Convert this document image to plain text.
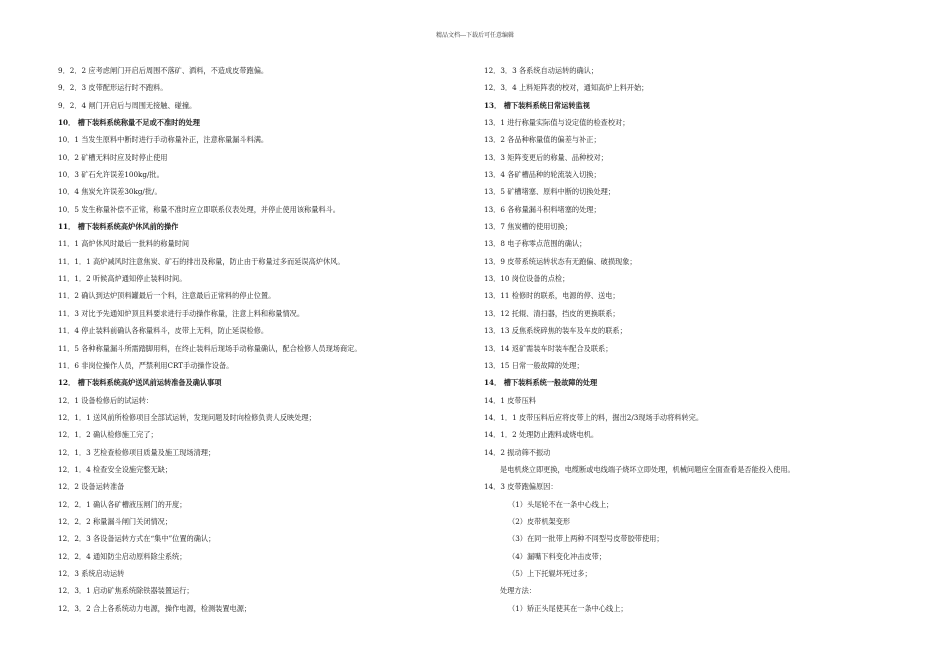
精品文档---下载后可任意编辑
9．2．2 应考虑闸门开启后周围不落矿、洒料，不造成皮带跑偏。
9．2．3 皮带配形运行时不跑料。
9．2．4 闸门开启后与周围无接触、碰撞。
10． 槽下装料系统称量不足或不准时的处理
10．1 当发生原料中断时进行手动称量补正，注意称量漏斗料满。
10．2 矿槽无料时应及时停止使用
10．3 矿石允许误差100kg/批。
10．4 焦炭允许误差30kg/批/。
10．5 发生称量补偿不正常，称量不准时应立即联系仪表处理，并停止使用该称量料斗。
11． 槽下装料系统高炉休风前的操作
11．1 高炉休风时最后一批料的称量时间
11．1．1 高炉减风时注意焦炭、矿石的排出及称量，防止由于称量过多而延误高炉休风。
11．1．2 听候高炉通知停止装料时间。
11．2 确认到达炉顶料罐最后一个料，注意最后正常料的停止位置。
11．3 对比予先通知炉顶且料要求进行手动操作称量，注意上料和称量情况。
11．4 停止装料前确认各称量料斗，皮带上无料，防止延误检修。
11．5 各种称量漏斗所需踏脚用料，在终止装料后现场手动称量确认，配合检修人员现场商定。
11．6 非岗位操作人员，严禁利用CRT手动操作设备。
12． 槽下装料系统高炉送风前运转准备及确认事项
12．1 设备检修后的试运转：
12．1．1 送风前所检修项目全部试运转，发现问题及时向检修负责人反映处理；
12．1．2 确认检修施工完了；
12．1．3 艺检查检修项目质量及施工现场清理；
12．1．4 检查安全设施完整无缺；
12．2 设备运转准备
12．2．1 确认各矿槽液压闸门的开度；
12．2．2 称量漏斗闸门关闭情况；
12．2．3 各设备运转方式在“集中”位置的确认；
12．2．4 通知防尘启动原料除尘系统；
12．3 系统启动运转
12．3．1 启动矿焦系统除铁器装置运行；
12．3．2 合上各系统动力电源，操作电源，检测装置电源；
12．3．3 各系统自动运转的确认；
12．3．4 上料矩阵表的校对，通知高炉上料开始；
13． 槽下装料系统日常运转监视
13．1 进行称量实际值与设定值的检查校对；
13．2 各品种称量值的偏差与补正；
13．3 矩阵变更后的称量、品种校对；
13．4 各矿槽品种的轮流装入切换；
13．5 矿槽堵塞、原料中断的切换处理；
13．6 各称量漏斗积料堵塞的处理；
13．7 焦炭槽的使用切换；
13．8 电子称零点范围的确认；
13．9 皮带系统运转状态有无跑偏、破损现象；
13．10 岗位设备的点检；
13．11 检修时的联系，电源的停、送电；
13．12 托辊、清扫器，挡皮的更换联系；
13．13 反焦系统碎焦的装车及车皮的联系；
13．14 返矿需装车时装车配合及联系；
13．15 日常一般故障的处理；
14． 槽下装料系统一般故障的处理
14．1 皮带压料
14．1．1 皮带压料后应将皮带上的料，掘出2/3现场手动将料转完。
14．1．2 处理防止跑料或烧电机。
14．2 振动筛不振动
是电机烧立即更换，电缆断或电线端子烧坏立即处理，机械问题应全面查看是否能投入使用。
14．3 皮带跑偏原因：
（1）头尾轮不在一条中心线上；
（2）皮带机架变形
（3）在同一批带上两种不同型号皮带胶带使用；
（4）漏嘴下料变化冲击皮带；
（5）上下托辊坏死过多；
处理方法：
（1）矫正头尾使其在一条中心线上；
